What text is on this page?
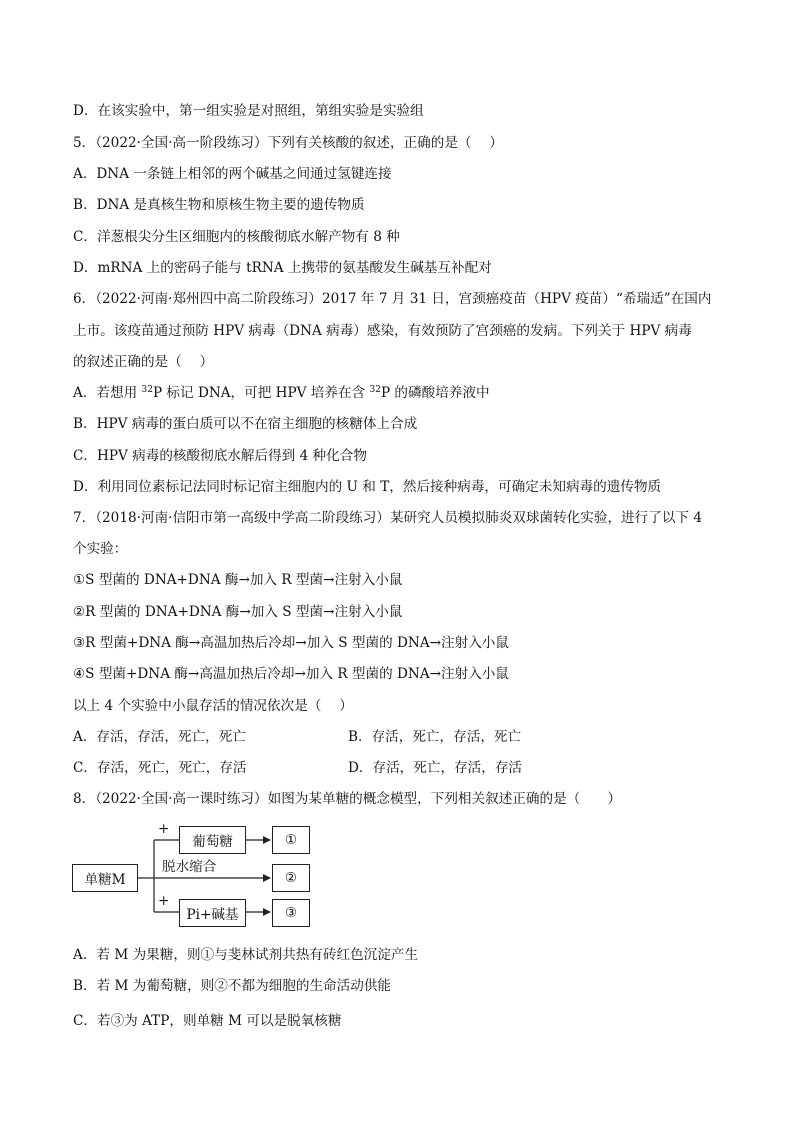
D．在该实验中，第一组实验是对照组，第组实验是实验组
5．（2022·全国·高一阶段练习）下列有关核酸的叙述，正确的是（　 ）
A．DNA 一条链上相邻的两个碱基之间通过氢键连接
B．DNA 是真核生物和原核生物主要的遗传物质
C．洋葱根尖分生区细胞内的核酸彻底水解产物有 8 种
D．mRNA 上的密码子能与 tRNA 上携带的氨基酸发生碱基互补配对
6．（2022·河南·郑州四中高二阶段练习）2017 年 7 月 31 日，宫颈癌疫苗（HPV 疫苗）“希瑞适”在国内
上市。该疫苗通过预防 HPV 病毒（DNA 病毒）感染，有效预防了宫颈癌的发病。下列关于 HPV 病毒
的叙述正确的是（　 ）
A．若想用 $^{32}$P 标记 DNA，可把 HPV 培养在含 $^{32}$P 的磷酸培养液中
B．HPV 病毒的蛋白质可以不在宿主细胞的核糖体上合成
C．HPV 病毒的核酸彻底水解后得到 4 种化合物
D．利用同位素标记法同时标记宿主细胞内的 U 和 T，然后接种病毒，可确定未知病毒的遗传物质
7．（2018·河南·信阳市第一高级中学高二阶段练习）某研究人员模拟肺炎双球菌转化实验，进行了以下 4
个实验：
①S 型菌的 DNA+DNA 酶→加入 R 型菌→注射入小鼠
②R 型菌的 DNA+DNA 酶→加入 S 型菌→注射入小鼠
③R 型菌+DNA 酶→高温加热后冷却→加入 S 型菌的 DNA→注射入小鼠
④S 型菌+DNA 酶→高温加热后冷却→加入 R 型菌的 DNA→注射入小鼠
以上 4 个实验中小鼠存活的情况依次是（　 ）
A．存活，存活，死亡，死亡	B．存活，死亡，存活，死亡
C．存活，死亡，死亡，存活	D．存活，死亡，存活，存活
8．（2022·全国·高一课时练习）如图为某单糖的概念模型，下列相关叙述正确的是（　　）
单糖M
葡萄糖
Pi+碱基
①
②
③
+
+
脱水缩合
A．若 M 为果糖，则①与斐林试剂共热有砖红色沉淀产生
B．若 M 为葡萄糖，则②不都为细胞的生命活动供能
C．若③为 ATP，则单糖 M 可以是脱氧核糖
